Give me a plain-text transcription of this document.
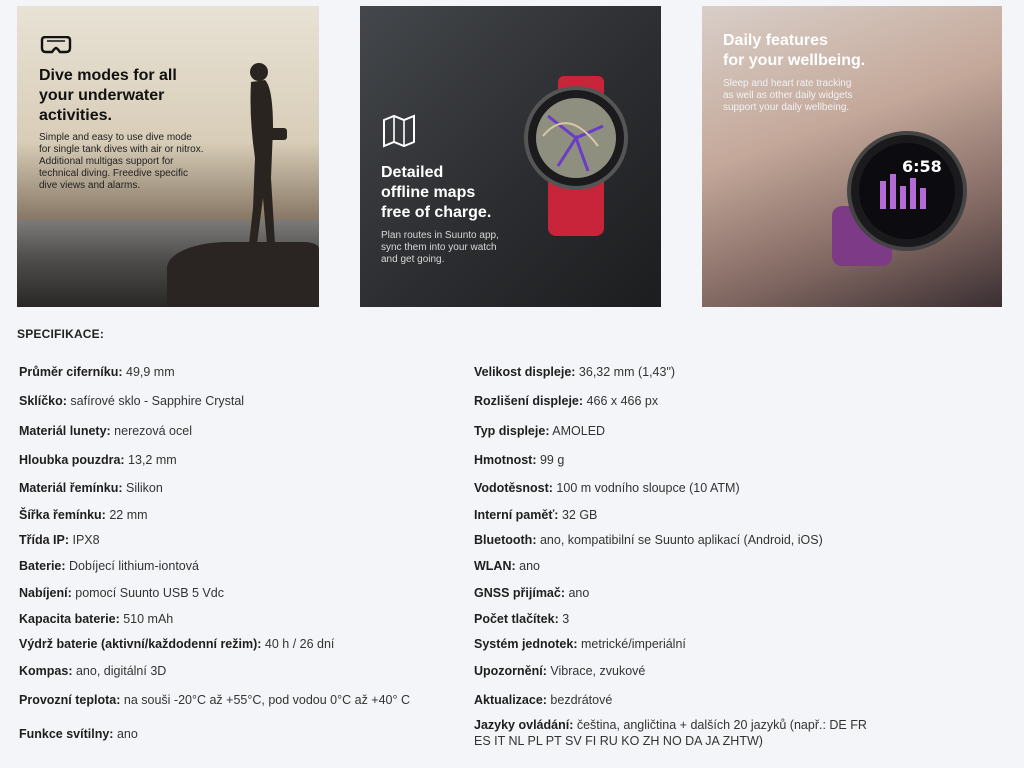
Dive modes for all
your underwater
activities.

Simple and easy to use dive mode
for single tank dives with air or nitrox.
Additional multigas support for
technical diving. Freedive specific
dive views and alarms.

Detailed
offline maps
free of charge.

Plan routes in Suunto app,
sync them into your watch
and get going.

6:58
Daily features
for your wellbeing.

Sleep and heart rate tracking
as well as other daily widgets
support your daily wellbeing.

SPECIFIKACE:
Průměr ciferníku: 49,9 mm
Sklíčko: safírové sklo - Sapphire Crystal
Materiál lunety: nerezová ocel
Hloubka pouzdra: 13,2 mm
Materiál řemínku: Silikon
Šířka řemínku: 22 mm
Třída IP: IPX8
Baterie: Dobíjecí lithium-iontová
Nabíjení: pomocí Suunto USB 5 Vdc
Kapacita baterie: 510 mAh
Výdrž baterie (aktivní/každodenní režim): 40 h / 26 dní
Kompas: ano, digitální 3D
Provozní teplota: na souši -20°C až +55°C, pod vodou 0°C až +40° C
Funkce svítilny: ano
Velikost displeje: 36,32 mm (1,43")
Rozlišení displeje: 466 x 466 px
Typ displeje: AMOLED
Hmotnost: 99 g
Vodotěsnost: 100 m vodního sloupce (10 ATM)
Interní paměť: 32 GB
Bluetooth: ano, kompatibilní se Suunto aplikací (Android, iOS)
WLAN: ano
GNSS přijímač: ano
Počet tlačítek: 3
Systém jednotek: metrické/imperiální
Upozornění: Vibrace, zvukové
Aktualizace: bezdrátové
Jazyky ovládání: čeština, angličtina + dalších 20 jazyků (např.: DE FR
ES IT NL PL PT SV FI RU KO ZH NO DA JA ZHTW)
